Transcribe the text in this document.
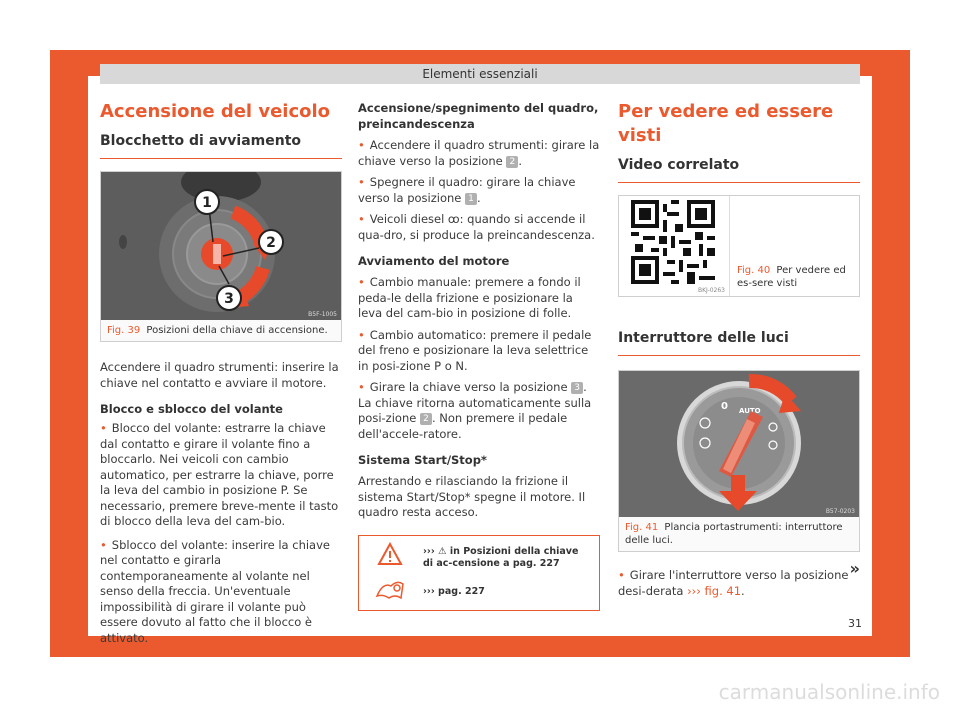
Elementi essenziali
Accensione del veicolo
Blocchetto di avviamento
1
2
3
B5F-1005
Fig. 39 Posizioni della chiave di accensione.

Accendere il quadro strumenti: inserire la chiave nel contatto e avviare il motore.

Blocco e sblocco del volante

• Blocco del volante: estrarre la chiave dal contatto e girare il volante fino a bloccarlo. Nei veicoli con cambio automatico, per estrarre la chiave, porre la leva del cambio in posizione P. Se necessario, premere breve-mente il tasto di blocco della leva del cam-bio.

• Sblocco del volante: inserire la chiave nel contatto e girarla contemporaneamente al volante nel senso della freccia. Un'eventuale impossibilità di girare il volante può essere dovuto al fatto che il blocco è attivato.

Accensione/spegnimento del quadro, preincandescenza

• Accendere il quadro strumenti: girare la chiave verso la posizione 2 .

• Spegnere il quadro: girare la chiave verso la posizione 1 .

• Veicoli diesel ꝏ: quando si accende il qua-dro, si produce la preincandescenza.

Avviamento del motore

• Cambio manuale: premere a fondo il peda-le della frizione e posizionare la leva del cam-bio in posizione di folle.

• Cambio automatico: premere il pedale del freno e posizionare la leva selettrice in posi-zione P o N.

• Girare la chiave verso la posizione 3 . La chiave ritorna automaticamente sulla posi-zione 2 . Non premere il pedale dell'accele-ratore.

Sistema Start/Stop*

Arrestando e rilasciando la frizione il sistema Start/Stop* spegne il motore. Il quadro resta acceso.

››› ⚠ in Posizioni della chiave di ac-censione a pag. 227
››› pag. 227
Per vedere ed essere visti
Video correlato
BKJ-0263
Fig. 40 Per vedere ed es-sere visti
Interruttore delle luci
0 AUTO
B57-0203
Fig. 41 Plancia portastrumenti: interruttore delle luci.

• Girare l'interruttore verso la posizione desi-derata ››› fig. 41.

»
31
carmanualsonline.info
